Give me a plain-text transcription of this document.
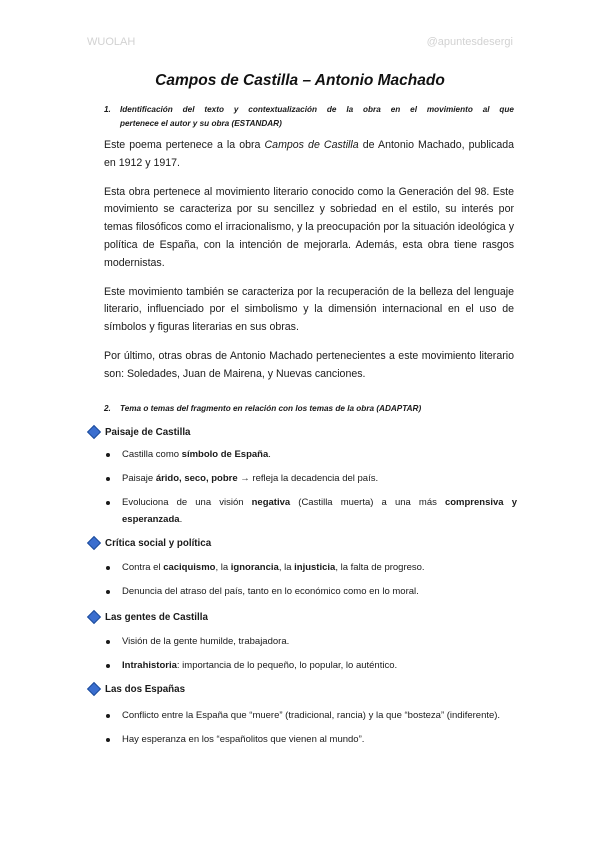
WUOLAH	@apuntesdesergi
Campos de Castilla – Antonio Machado
1. Identificación del texto y contextualización de la obra en el movimiento al que
pertenece el autor y su obra (ESTANDAR)

Este poema pertenece a la obra Campos de Castilla de Antonio Machado, publicada en 1912 y 1917.

Esta obra pertenece al movimiento literario conocido como la Generación del 98. Este movimiento se caracteriza por su sencillez y sobriedad en el estilo, su interés por temas filosóficos como el irracionalismo, y la preocupación por la situación ideológica y política de España, con la intención de mejorarla. Además, esta obra tiene rasgos modernistas.

Este movimiento también se caracteriza por la recuperación de la belleza del lenguaje literario, influenciado por el simbolismo y la dimensión internacional en el uso de símbolos y figuras literarias en sus obras.

Por último, otras obras de Antonio Machado pertenecientes a este movimiento literario son: Soledades, Juan de Mairena, y Nuevas canciones.

2. Tema o temas del fragmento en relación con los temas de la obra (ADAPTAR)
Paisaje de Castilla
Castilla como símbolo de España.
Paisaje árido, seco, pobre → refleja la decadencia del país.
Evoluciona de una visión negativa (Castilla muerta) a una más comprensiva y esperanzada.
Crítica social y política
Contra el caciquismo, la ignorancia, la injusticia, la falta de progreso.
Denuncia del atraso del país, tanto en lo económico como en lo moral.
Las gentes de Castilla
Visión de la gente humilde, trabajadora.
Intrahistoria: importancia de lo pequeño, lo popular, lo auténtico.
Las dos Españas
Conflicto entre la España que “muere” (tradicional, rancia) y la que “bosteza” (indiferente).
Hay esperanza en los “españolitos que vienen al mundo”.
